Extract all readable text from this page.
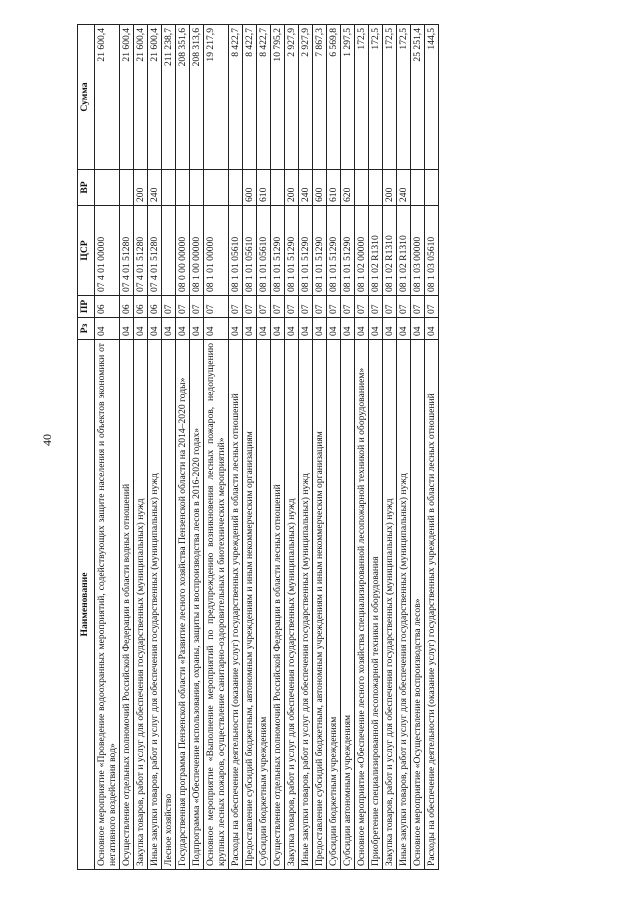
40
Наименование	Рз	ПР	ЦСР	ВР	Сумма
Основное мероприятие «Проведение водоохранных мероприятий, содействующих защите населения и объектов экономики от негативного воздействия вод»	04	06	07 4 01 00000		21 600,4
Осуществление отдельных полномочий Российской Федерации в области водных отношений	04	06	07 4 01 51280		21 600,4
Закупка товаров, работ и услуг для обеспечения государственных (муниципальных) нужд	04	06	07 4 01 51280	200	21 600,4
Иные закупки товаров, работ и услуг для обеспечения государственных (муниципальных) нужд	04	06	07 4 01 51280	240	21 600,4
Лесное хозяйство	04	07			211 238,7
Государственная программа Пензенской области «Развитие лесного хозяйства Пензенской области на 2014–2020 годы»	04	07	08 0 00 00000		208 351,6
Подпрограмма «Обеспечение использования, охраны, защиты и воспроизводства лесов в 2016-2020 годах»	04	07	08 1 00 00000		208 313,6
Основное мероприятие «Выполнение мероприятий по предупреждению возникновения лесных пожаров, недопущению крупных лесных пожаров, осуществление санитарно-оздоровительных и биотехнических мероприятий»	04	07	08 1 01 00000		19 217,9
Расходы на обеспечение деятельности (оказание услуг) государственных учреждений в области лесных отношений	04	07	08 1 01 05610		8 422,7
Предоставление субсидий бюджетным, автономным учреждениям и иным некоммерческим организациям	04	07	08 1 01 05610	600	8 422,7
Субсидии бюджетным учреждениям	04	07	08 1 01 05610	610	8 422,7
Осуществление отдельных полномочий Российской Федерации в области лесных отношений	04	07	08 1 01 51290		10 795,2
Закупка товаров, работ и услуг для обеспечения государственных (муниципальных) нужд	04	07	08 1 01 51290	200	2 927,9
Иные закупки товаров, работ и услуг для обеспечения государственных (муниципальных) нужд	04	07	08 1 01 51290	240	2 927,9
Предоставление субсидий бюджетным, автономным учреждениям и иным некоммерческим организациям	04	07	08 1 01 51290	600	7 867,3
Субсидии бюджетным учреждениям	04	07	08 1 01 51290	610	6 569,8
Субсидии автономным учреждениям	04	07	08 1 01 51290	620	1 297,5
Основное мероприятие «Обеспечение лесного хозяйства специализированной лесопожарной техникой и оборудованием»	04	07	08 1 02 00000		172,5
Приобретение специализированной лесопожарной техники и оборудования	04	07	08 1 02 R1310		172,5
Закупка товаров, работ и услуг для обеспечения государственных (муниципальных) нужд	04	07	08 1 02 R1310	200	172,5
Иные закупки товаров, работ и услуг для обеспечения государственных (муниципальных) нужд	04	07	08 1 02 R1310	240	172,5
Основное мероприятие «Осуществление воспроизводства лесов»	04	07	08 1 03 00000		25 251,4
Расходы на обеспечение деятельности (оказание услуг) государственных учреждений в области лесных отношений	04	07	08 1 03 05610		144,5
